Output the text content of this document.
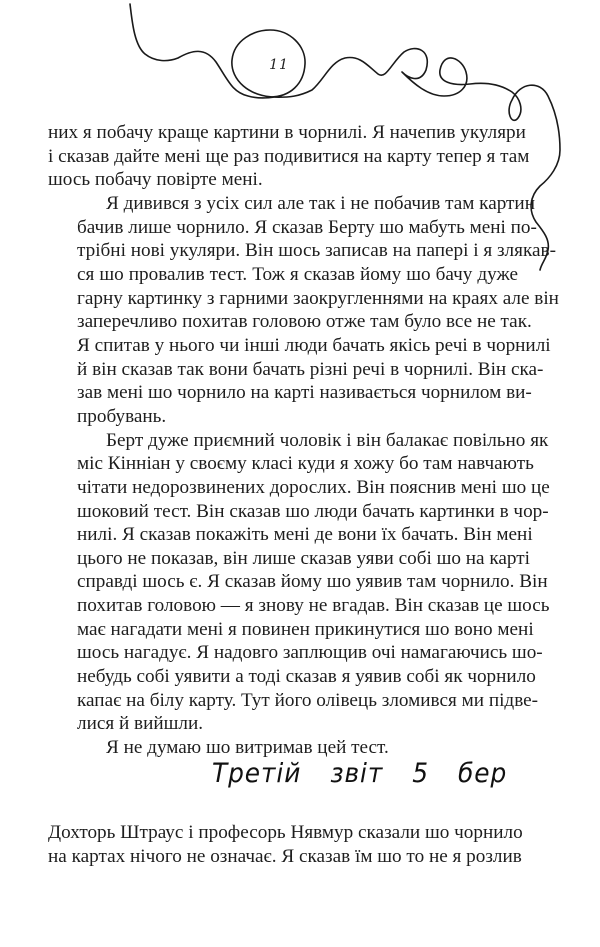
11

них я побачу краще картини в чорнилі. Я начепив укуляри
і сказав дайте мені ще раз подивитися на карту тепер я там
шось побачу повірте мені.

Я дивився з усіх сил але так і не побачив там картин
бачив лише чорнило. Я сказав Берту шо мабуть мені по-
трібні нові укуляри. Він шось записав на папері і я злякав-
ся шо провалив тест. Тож я сказав йому шо бачу дуже
гарну картинку з гарними заокругленнями на краях але він
заперечливо похитав головою отже там було все не так.
Я спитав у нього чи інші люди бачать якісь речі в чорнилі
й він сказав так вони бачать різні речі в чорнилі. Він ска-
зав мені шо чорнило на карті називається чорнилом ви-
пробувань.

Берт дуже приємний чоловік і він балакає повільно як
міс Кінніан у своєму класі куди я хожу бо там навчають
чітати недорозвинених дорослих. Він пояснив мені шо це
шоковий тест. Він сказав шо люди бачать картинки в чор-
нилі. Я сказав покажіть мені де вони їх бачать. Він мені
цього не показав, він лише сказав уяви собі шо на карті
справді шось є. Я сказав йому шо уявив там чорнило. Він
похитав головою — я знову не вгадав. Він сказав це шось
має нагадати мені я повинен прикинутися шо воно мені
шось нагадує. Я надовго заплющив очі намагаючись шо-
небудь собі уявити а тоді сказав я уявив собі як чорнило
капає на білу карту. Тут його олівець зломився ми підве-
лися й вийшли.

Я не думаю шо витримав цей тест.

Третій звіт 5 бер

Дохторь Штраус і професорь Нявмур сказали шо чорнило
на картах нічого не означає. Я сказав їм шо то не я розлив
